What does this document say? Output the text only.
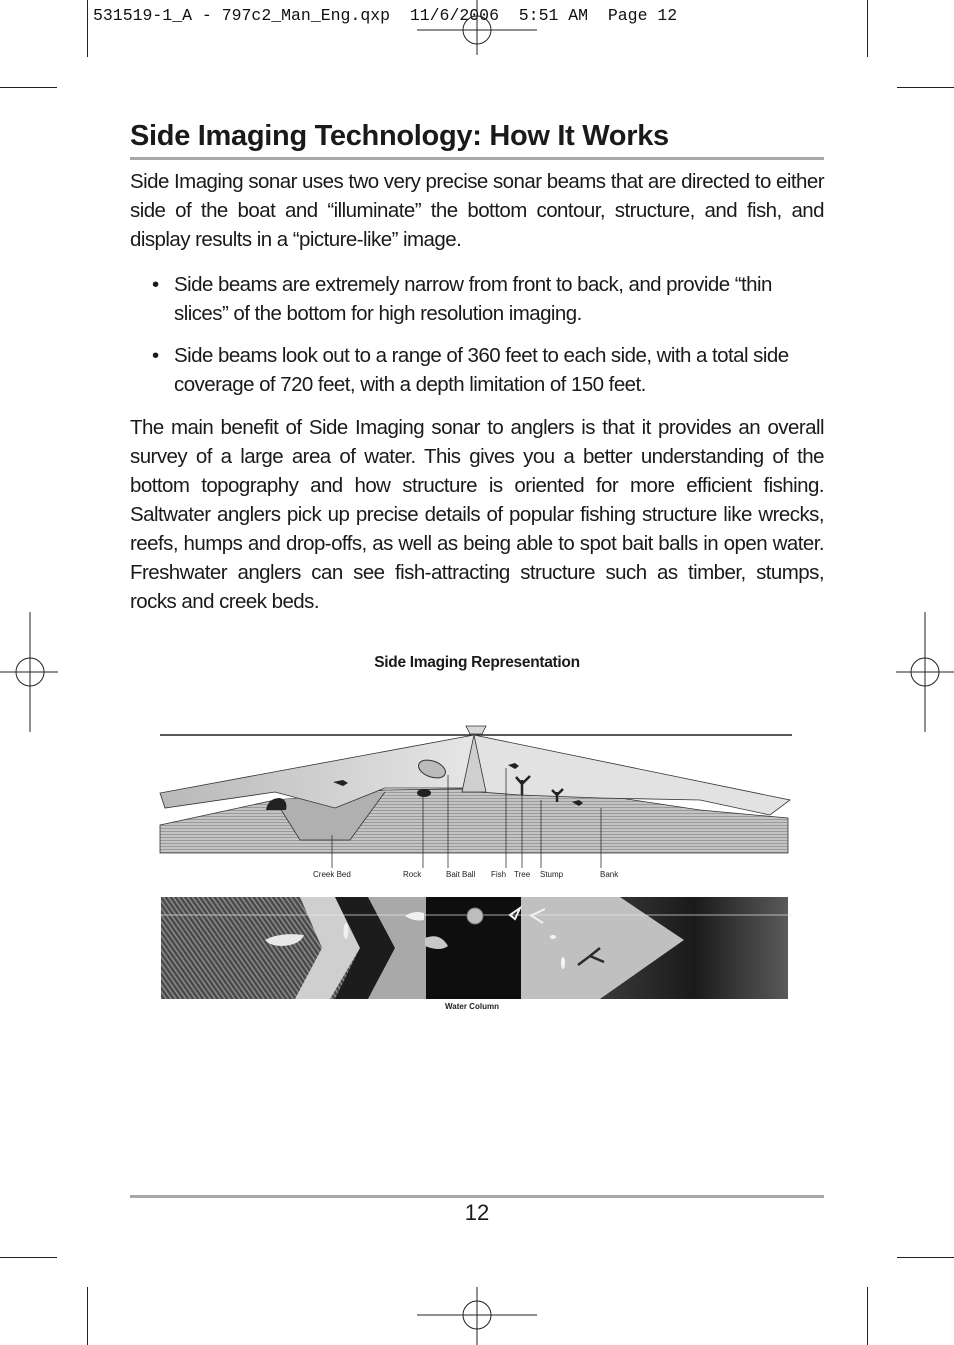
531519-1_A - 797c2_Man_Eng.qxp  11/6/2006  5:51 AM  Page 12
Side Imaging Technology: How It Works

Side Imaging sonar uses two very precise sonar beams that are directed to either side of the boat and “illuminate” the bottom contour, structure, and fish, and display results in a “picture-like” image.

• Side beams are extremely narrow from front to back, and provide “thin slices” of the bottom for high resolution imaging.
• Side beams look out to a range of 360 feet to each side, with a total side coverage of 720 feet, with a depth limitation of 150 feet.

The main benefit of Side Imaging sonar to anglers is that it provides an overall survey of a large area of water. This gives you a better understanding of the bottom topography and how structure is oriented for more efficient fishing. Saltwater anglers pick up precise details of popular fishing structure like wrecks, reefs, humps and drop-offs, as well as being able to spot bait balls in open water. Freshwater anglers can see fish-attracting structure such as timber, stumps, rocks and creek beds.

Side Imaging Representation
Creek Bed	Rock	Bait Ball Fish Tree Stump	Bank
Water Column
12
